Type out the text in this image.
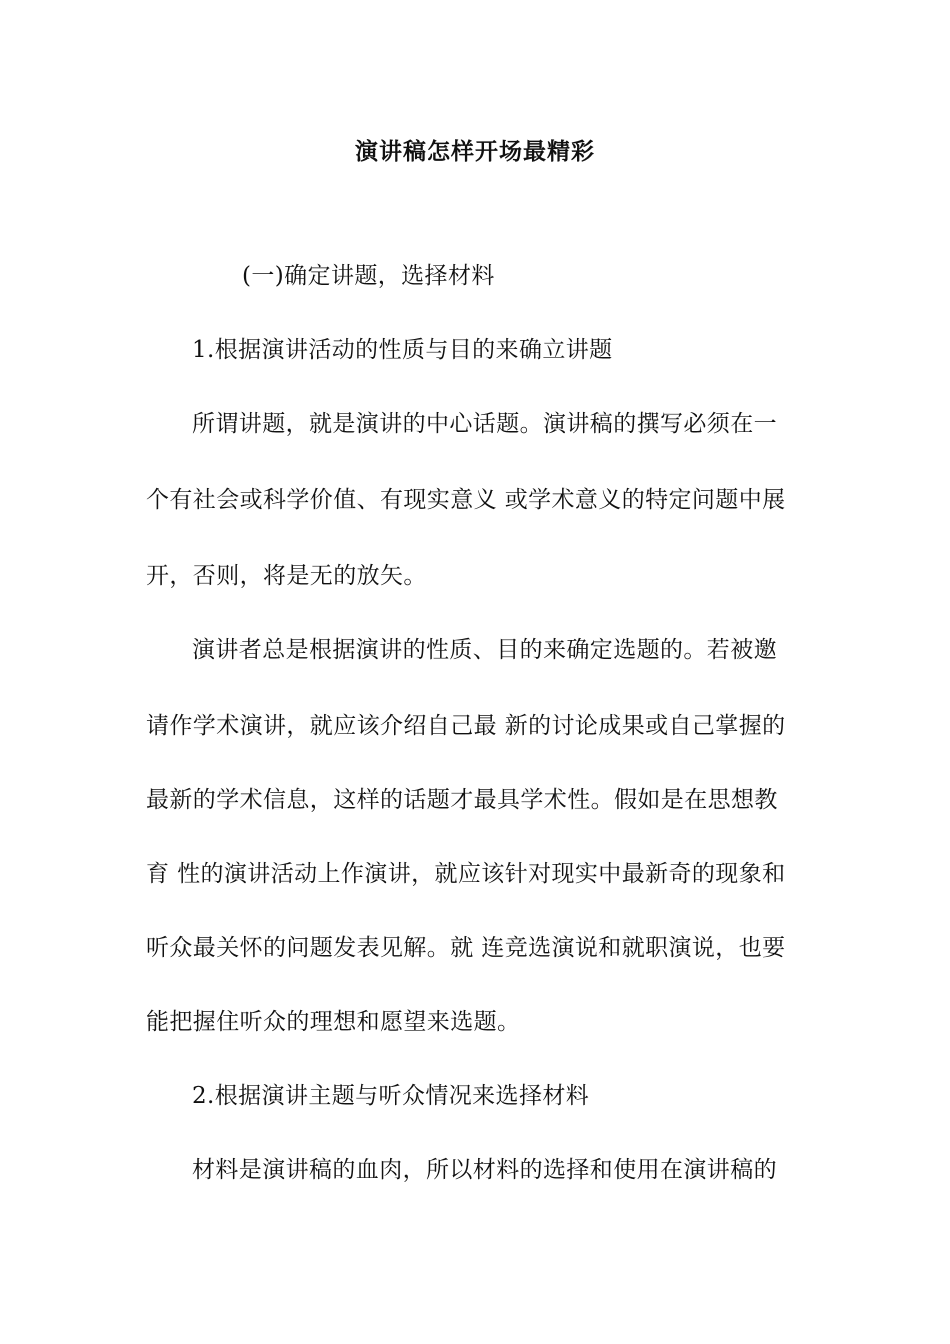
演讲稿怎样开场最精彩
(一)确定讲题，选择材料
1.根据演讲活动的性质与目的来确立讲题
所谓讲题，就是演讲的中心话题。演讲稿的撰写必须在一
个有社会或科学价值、有现实意义 或学术意义的特定问题中展
开，否则，将是无的放矢。
演讲者总是根据演讲的性质、目的来确定选题的。若被邀
请作学术演讲，就应该介绍自己最 新的讨论成果或自己掌握的
最新的学术信息，这样的话题才最具学术性。假如是在思想教
育 性的演讲活动上作演讲，就应该针对现实中最新奇的现象和
听众最关怀的问题发表见解。就 连竞选演说和就职演说，也要
能把握住听众的理想和愿望来选题。
2.根据演讲主题与听众情况来选择材料
材料是演讲稿的血肉，所以材料的选择和使用在演讲稿的
